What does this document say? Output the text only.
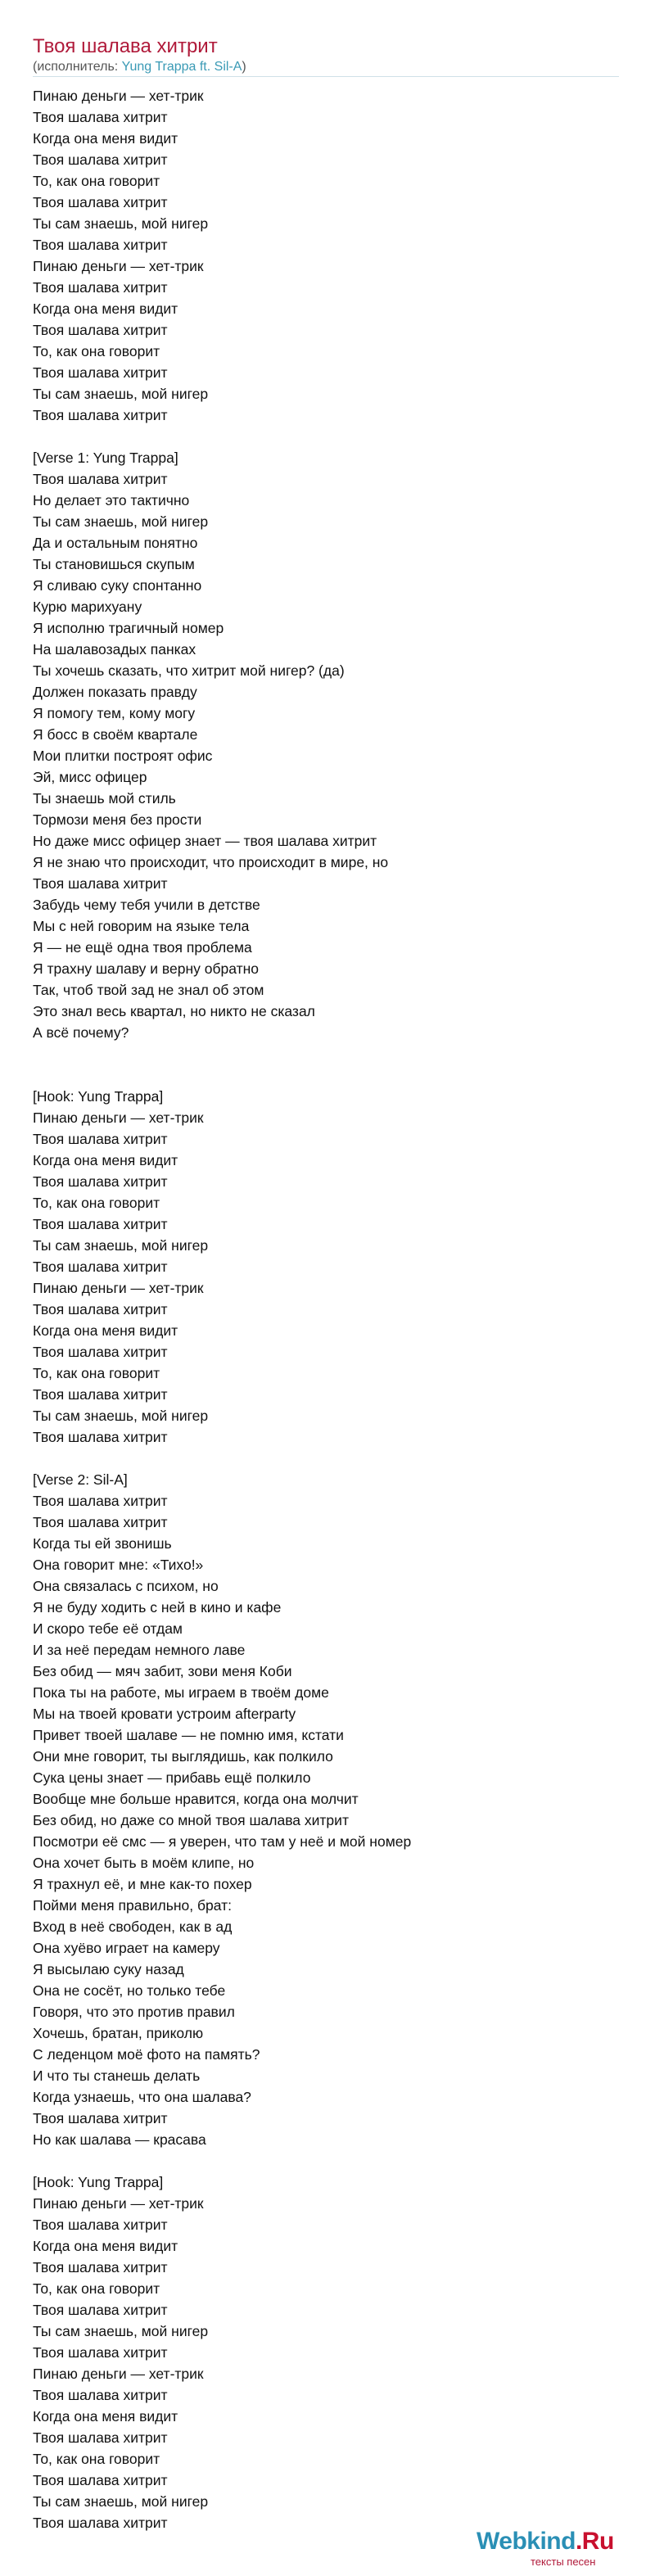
Твоя шалава хитрит
(исполнитель: Yung Trappa ft. Sil-A)
Пинаю деньги — хет-трик
Твоя шалава хитрит
Когда она меня видит
Твоя шалава хитрит
То, как она говорит
Твоя шалава хитрит
Ты сам знаешь, мой нигер
Твоя шалава хитрит
Пинаю деньги — хет-трик
Твоя шалава хитрит
Когда она меня видит
Твоя шалава хитрит
То, как она говорит
Твоя шалава хитрит
Ты сам знаешь, мой нигер
Твоя шалава хитрит
[Verse 1: Yung Trappa]
Твоя шалава хитрит
Но делает это тактично
Ты сам знаешь, мой нигер
Да и остальным понятно
Ты становишься скупым
Я сливаю суку спонтанно
Курю марихуану
Я исполню трагичный номер
На шалавозадых панках
Ты хочешь сказать, что хитрит мой нигер? (да)
Должен показать правду
Я помогу тем, кому могу
Я босс в своём квартале
Мои плитки построят офис
Эй, мисс офицер
Ты знаешь мой стиль
Тормози меня без прости
Но даже мисс офицер знает — твоя шалава хитрит
Я не знаю что происходит, что происходит в мире, но
Твоя шалава хитрит
Забудь чему тебя учили в детстве
Мы с ней говорим на языке тела
Я — не ещё одна твоя проблема
Я трахну шалаву и верну обратно
Так, чтоб твой зад не знал об этом
Это знал весь квартал, но никто не сказал
А всё почему?
[Hook: Yung Trappa]
Пинаю деньги — хет-трик
Твоя шалава хитрит
Когда она меня видит
Твоя шалава хитрит
То, как она говорит
Твоя шалава хитрит
Ты сам знаешь, мой нигер
Твоя шалава хитрит
Пинаю деньги — хет-трик
Твоя шалава хитрит
Когда она меня видит
Твоя шалава хитрит
То, как она говорит
Твоя шалава хитрит
Ты сам знаешь, мой нигер
Твоя шалава хитрит
[Verse 2: Sil-A]
Твоя шалава хитрит
Твоя шалава хитрит
Когда ты ей звонишь
Она говорит мне: «Тихо!»
Она связалась с психом, но
Я не буду ходить с ней в кино и кафе
И скоро тебе её отдам
И за неё передам немного лаве
Без обид — мяч забит, зови меня Коби
Пока ты на работе, мы играем в твоём доме
Мы на твоей кровати устроим afterparty
Привет твоей шалаве — не помню имя, кстати
Они мне говорит, ты выглядишь, как полкило
Сука цены знает — прибавь ещё полкило
Вообще мне больше нравится, когда она молчит
Без обид, но даже со мной твоя шалава хитрит
Посмотри её смс — я уверен, что там у неё и мой номер
Она хочет быть в моём клипе, но
Я трахнул её, и мне как-то похер
Пойми меня правильно, брат:
Вход в неё свободен, как в ад
Она хуёво играет на камеру
Я высылаю суку назад
Она не сосёт, но только тебе
Говоря, что это против правил
Хочешь, братан, приколю
С леденцом моё фото на память?
И что ты станешь делать
Когда узнаешь, что она шалава?
Твоя шалава хитрит
Но как шалава — красава
[Hook: Yung Trappa]
Пинаю деньги — хет-трик
Твоя шалава хитрит
Когда она меня видит
Твоя шалава хитрит
То, как она говорит
Твоя шалава хитрит
Ты сам знаешь, мой нигер
Твоя шалава хитрит
Пинаю деньги — хет-трик
Твоя шалава хитрит
Когда она меня видит
Твоя шалава хитрит
То, как она говорит
Твоя шалава хитрит
Ты сам знаешь, мой нигер
Твоя шалава хитрит
Webkind.Ru
тексты песен
